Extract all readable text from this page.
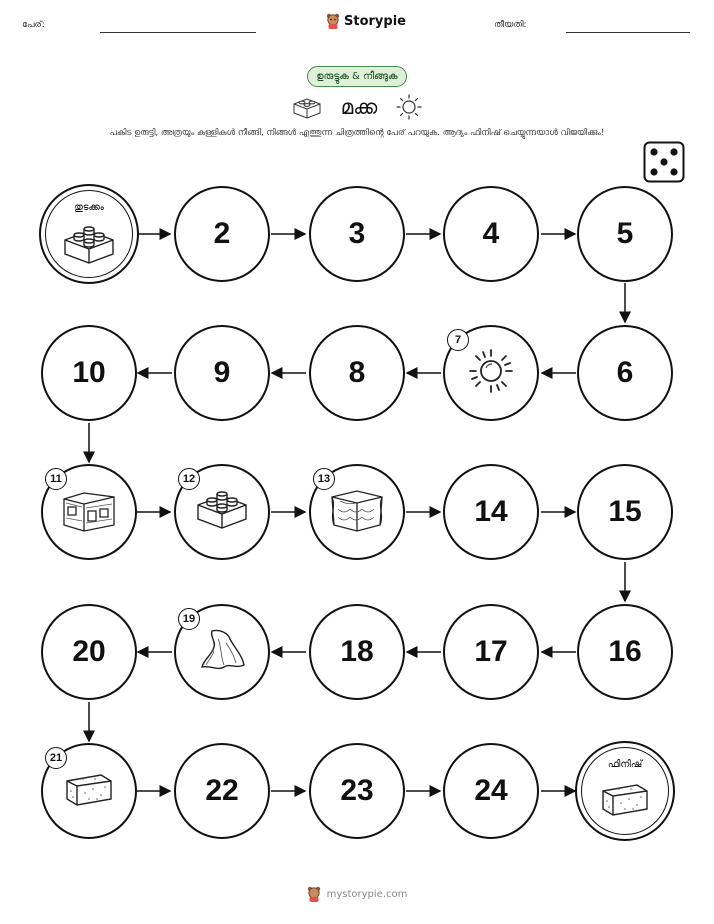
പേര്:	Storypie	തീയതി:
ഉരുട്ടുക & നീങ്ങുക
മക്ക
പകിട ഉരുട്ടി, അത്രയും കള്ളികൾ നീങ്ങി, നിങ്ങൾ എത്തുന്ന ചിത്രത്തിന്റെ പേര് പറയുക. ആദ്യം ഫിനിഷ് ചെയ്യുന്നയാൾ വിജയിക്കും!
തുടക്കം
2	3	4	5
6
7
8
9
10
11	12	13
14	15
16
17
18
19
20
21
22	23	24
ഫിനിഷ്
mystorypie.com
